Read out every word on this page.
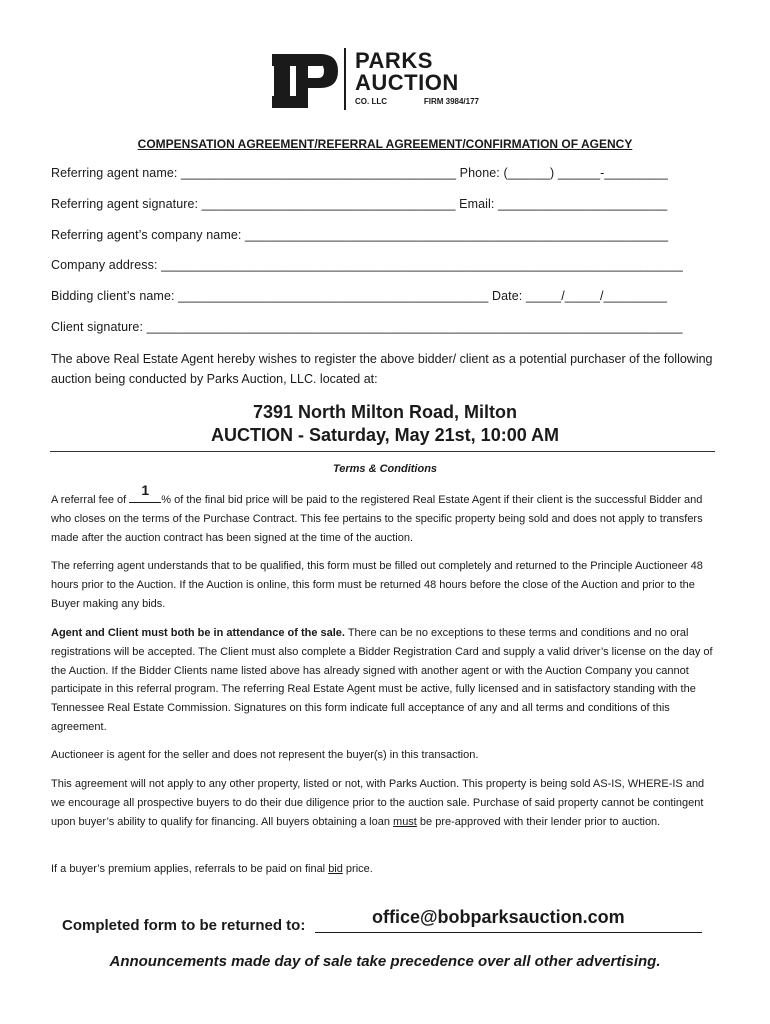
PARKS
AUCTION
CO. LLC	FIRM 3984/177
COMPENSATION AGREEMENT/REFERRAL AGREEMENT/CONFIRMATION OF AGENCY
Referring agent name: _______________________________________ Phone: (______) ______-_________
Referring agent signature: ____________________________________ Email: ________________________
Referring agent’s company name: ____________________________________________________________
Company address: __________________________________________________________________________
Bidding client’s name: ____________________________________________ Date: _____/_____/_________
Client signature: ____________________________________________________________________________
The above Real Estate Agent hereby wishes to register the above bidder/ client as a potential purchaser of the following auction being conducted by Parks Auction, LLC. located at:
7391 North Milton Road, Milton
AUCTION - Saturday, May 21st, 10:00 AM
Terms & Conditions
A referral fee of
1
% of the final bid price will be paid to the registered Real Estate Agent if their client is the successful Bidder and who closes on the terms of the Purchase Contract. This fee pertains to the specific property being sold and does not apply to transfers made after the auction contract has been signed at the time of the auction.
The referring agent understands that to be qualified, this form must be filled out completely and returned to the Principle Auctioneer 48 hours prior to the Auction. If the Auction is online, this form must be returned 48 hours before the close of the Auction and prior to the Buyer making any bids.
Agent and Client must both be in attendance of the sale. There can be no exceptions to these terms and conditions and no oral registrations will be accepted. The Client must also complete a Bidder Registration Card and supply a valid driver’s license on the day of the Auction. If the Bidder Clients name listed above has already signed with another agent or with the Auction Company you cannot participate in this referral program. The referring Real Estate Agent must be active, fully licensed and in satisfactory standing with the Tennessee Real Estate Commission. Signatures on this form indicate full acceptance of any and all terms and conditions of this agreement.
Auctioneer is agent for the seller and does not represent the buyer(s) in this transaction.
This agreement will not apply to any other property, listed or not, with Parks Auction. This property is being sold AS-IS, WHERE-IS and we encourage all prospective buyers to do their due diligence prior to the auction sale. Purchase of said property cannot be contingent upon buyer’s ability to qualify for financing. All buyers obtaining a loan must be pre-approved with their lender prior to auction.
If a buyer’s premium applies, referrals to be paid on final bid price.
Completed form to be returned to:	office@bobparksauction.com
Announcements made day of sale take precedence over all other advertising.
